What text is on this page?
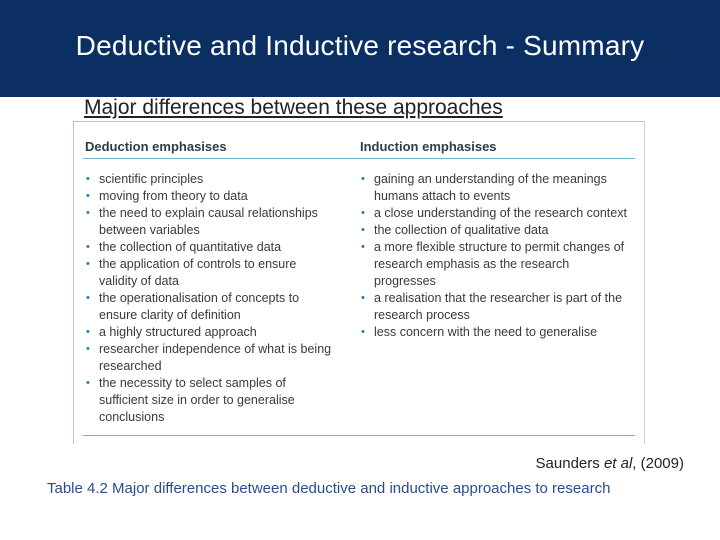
Deductive and Inductive research - Summary
Major differences between these approaches
Deduction emphasises	Induction emphasises
• scientific principles
• moving from theory to data
• the need to explain causal relationships between variables
• the collection of quantitative data
• the application of controls to ensure validity of data
• the operationalisation of concepts to ensure clarity of definition
• a highly structured approach
• researcher independence of what is being researched
• the necessity to select samples of sufficient size in order to generalise conclusions
• gaining an understanding of the meanings humans attach to events
• a close understanding of the research context
• the collection of qualitative data
• a more flexible structure to permit changes of research emphasis as the research progresses
• a realisation that the researcher is part of the research process
• less concern with the need to generalise
Saunders et al, (2009)
Table 4.2 Major differences between deductive and inductive approaches to research
